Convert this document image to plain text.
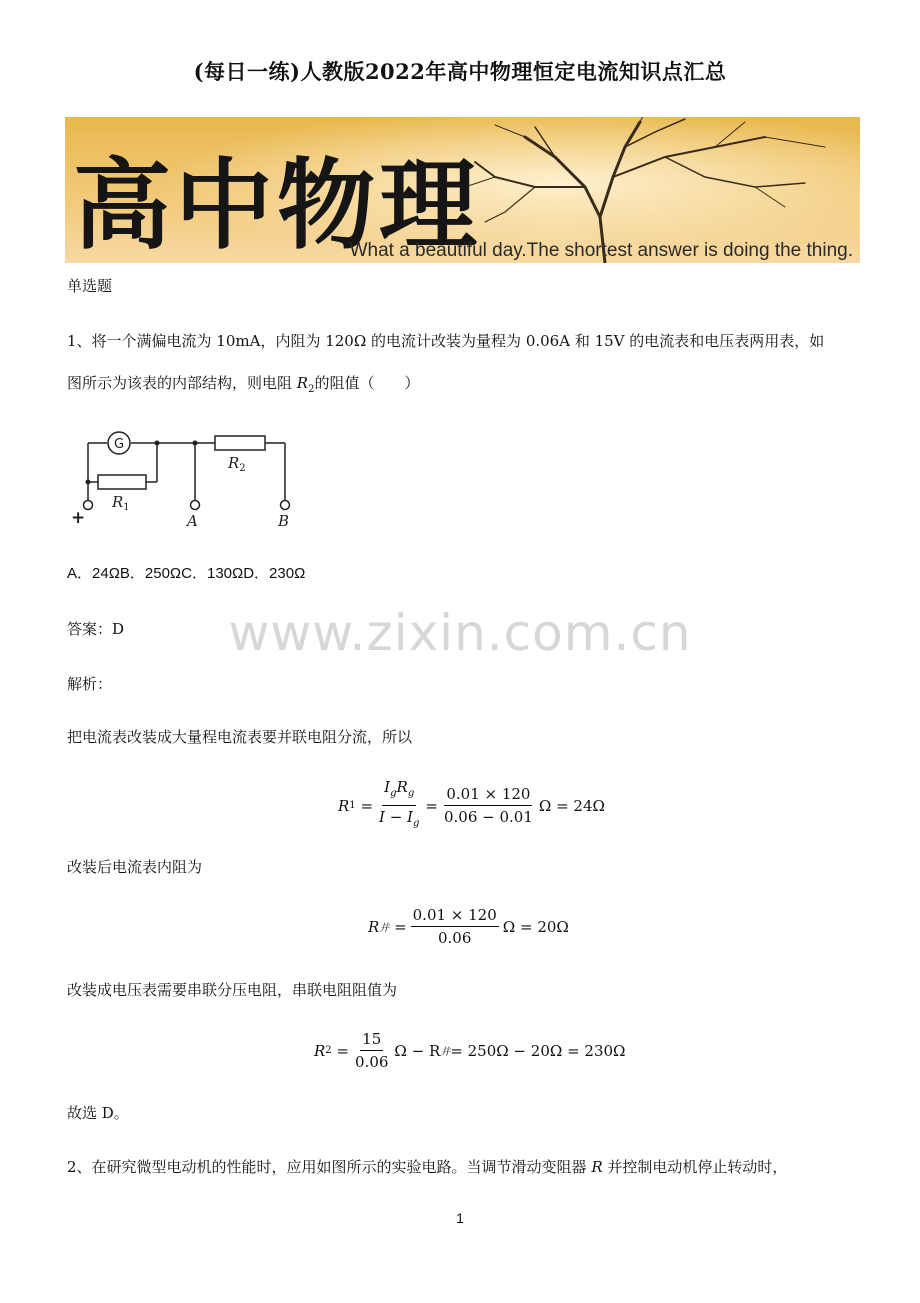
(每日一练)人教版2022年高中物理恒定电流知识点汇总
高中物理
What a beautiful day.The shortest answer is doing the thing.
单选题
1、将一个满偏电流为 10mA，内阻为 120Ω 的电流计改装为量程为 0.06A 和 15V 的电流表和电压表两用表，如
图所示为该表的内部结构，则电阻 $R_2$的阻值（　　）
G
$R_1$
$R_2$
+	A	B
A．24ΩB．250ΩC．130ΩD．230Ω
答案：D	www.zixin.com.cn
解析：
把电流表改装成大量程电流表要并联电阻分流，所以
R $1 = \frac{I_gR_g}{I - I_g} = \frac{0.01 \times 120}{0.06 - 0.01}$ Ω = 24Ω
改装后电流表内阻为
R 并 = $\frac{0.01 \times 120}{0.06}$ Ω = 20Ω
改装成电压表需要串联分压电阻，串联电阻阻值为
R $2 = \frac{15}{0.06}$ Ω − R 并 = 250Ω − 20Ω = 230Ω
故选 D。
2、在研究微型电动机的性能时，应用如图所示的实验电路。当调节滑动变阻器 R 并控制电动机停止转动时，
1
